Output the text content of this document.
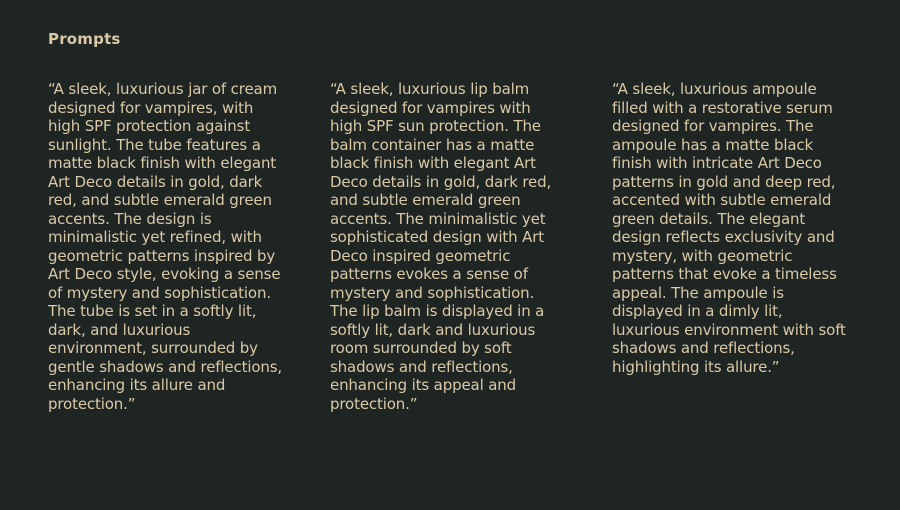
Prompts

“A sleek, luxurious jar of cream
designed for vampires, with
high SPF protection against
sunlight. The tube features a
matte black finish with elegant
Art Deco details in gold, dark
red, and subtle emerald green
accents. The design is
minimalistic yet refined, with
geometric patterns inspired by
Art Deco style, evoking a sense
of mystery and sophistication.
The tube is set in a softly lit,
dark, and luxurious
environment, surrounded by
gentle shadows and reflections,
enhancing its allure and
protection.”

“A sleek, luxurious lip balm
designed for vampires with
high SPF sun protection. The
balm container has a matte
black finish with elegant Art
Deco details in gold, dark red,
and subtle emerald green
accents. The minimalistic yet
sophisticated design with Art
Deco inspired geometric
patterns evokes a sense of
mystery and sophistication.
The lip balm is displayed in a
softly lit, dark and luxurious
room surrounded by soft
shadows and reflections,
enhancing its appeal and
protection.”

“A sleek, luxurious ampoule
filled with a restorative serum
designed for vampires. The
ampoule has a matte black
finish with intricate Art Deco
patterns in gold and deep red,
accented with subtle emerald
green details. The elegant
design reflects exclusivity and
mystery, with geometric
patterns that evoke a timeless
appeal. The ampoule is
displayed in a dimly lit,
luxurious environment with soft
shadows and reflections,
highlighting its allure.”
